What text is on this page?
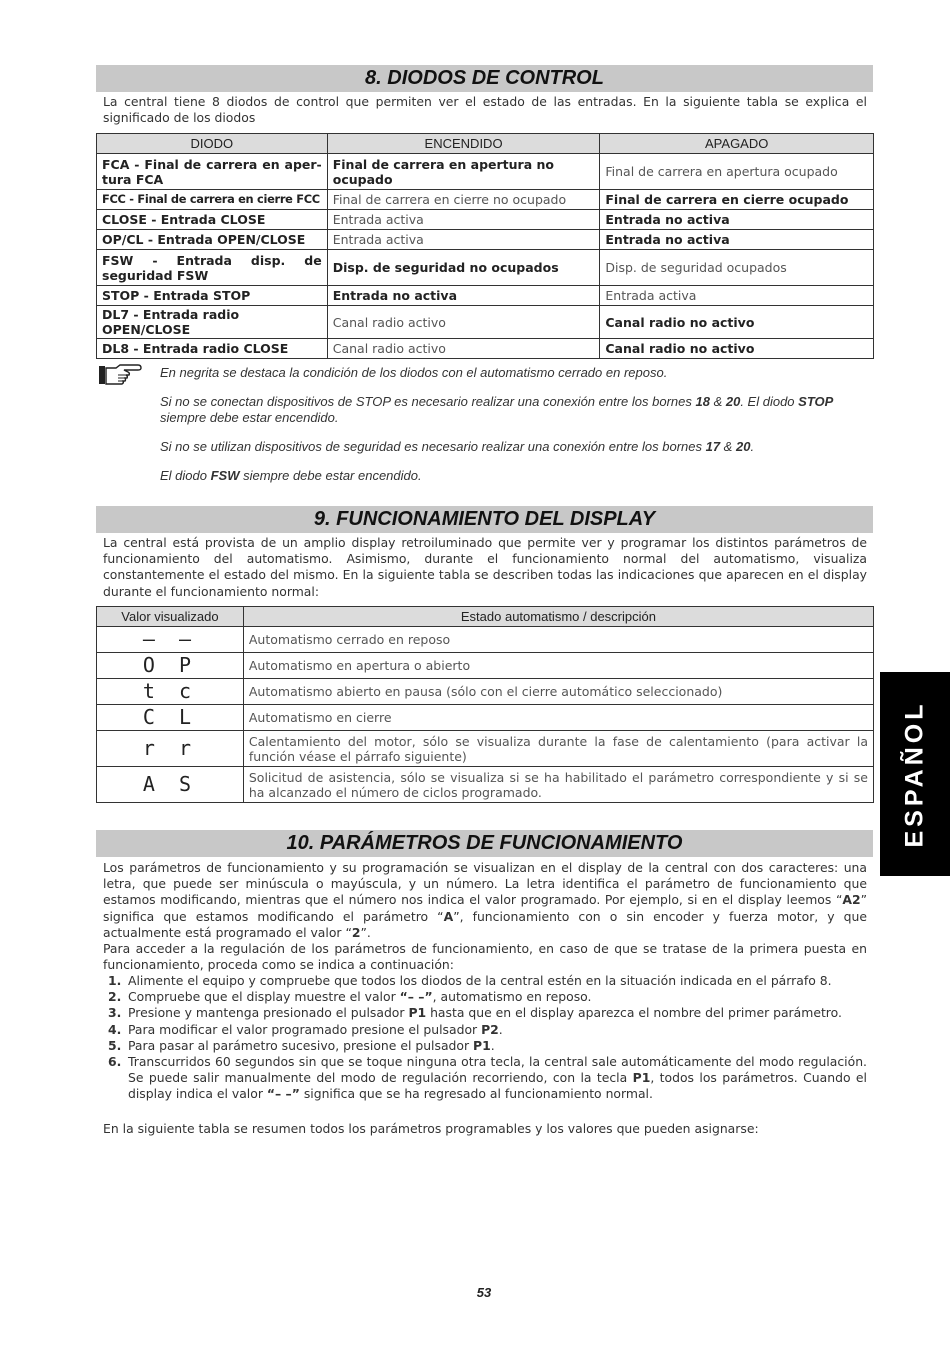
8. DIODOS DE CONTROL
La central tiene 8 diodos de control que permiten ver el estado de las entradas. En la siguiente tabla se explica el significado de los diodos
DIODO	ENCENDIDO	APAGADO
FCA - Final de carrera en aper-tura FCA	Final de carrera en apertura no ocupado	Final de carrera en apertura ocupado
FCC - Final de carrera en cierre FCC	Final de carrera en cierre no ocupado	Final de carrera en cierre ocupado
CLOSE - Entrada CLOSE	Entrada activa	Entrada no activa
OP/CL - Entrada OPEN/CLOSE	Entrada activa	Entrada no activa
FSW - Entrada disp. de seguridad FSW	Disp. de seguridad no ocupados	Disp. de seguridad ocupados
STOP - Entrada STOP	Entrada no activa	Entrada activa
DL7 - Entrada radio OPEN/CLOSE	Canal radio activo	Canal radio no activo
DL8 - Entrada radio CLOSE	Canal radio activo	Canal radio no activo

En negrita se destaca la condición de los diodos con el automatismo cerrado en reposo.

Si no se conectan dispositivos de STOP es necesario realizar una conexión entre los bornes 18 & 20. El diodo STOP siempre debe estar encendido.

Si no se utilizan dispositivos de seguridad es necesario realizar una conexión entre los bornes 17 & 20.

El diodo FSW siempre debe estar encendido.

9. FUNCIONAMIENTO DEL DISPLAY
La central está provista de un amplio display retroiluminado que permite ver y programar los distintos parámetros de funcionamiento del automatismo. Asimismo, durante el funcionamiento normal del automatismo, visualiza constantemente el estado del mismo. En la siguiente tabla se describen todas las indicaciones que aparecen en el display durante el funcionamiento normal:
Valor visualizado	Estado automatismo / descripción
– –	Automatismo cerrado en reposo
O P	Automatismo en apertura o abierto
t c	Automatismo abierto en pausa (sólo con el cierre automático seleccionado)
C L	Automatismo en cierre
r r	Calentamiento del motor, sólo se visualiza durante la fase de calentamiento (para activar la función véase el párrafo siguiente)
A S	Solicitud de asistencia, sólo se visualiza si se ha habilitado el parámetro correspondiente y si se ha alcanzado el número de ciclos programado.
10. PARÁMETROS DE FUNCIONAMIENTO
Los parámetros de funcionamiento y su programación se visualizan en el display de la central con dos caracteres: una letra, que puede ser minúscula o mayúscula, y un número. La letra identifica el parámetro de funcionamiento que estamos modificando, mientras que el número nos indica el valor programado. Por ejemplo, si en el display leemos “A2” significa que estamos modificando el parámetro “A”, funcionamiento con o sin encoder y fuerza motor, y que actualmente está programado el valor “2”.
Para acceder a la regulación de los parámetros de funcionamiento, en caso de que se tratase de la primera puesta en funcionamiento, proceda como se indica a continuación:
1. Alimente el equipo y compruebe que todos los diodos de la central estén en la situación indicada en el párrafo 8.
2. Compruebe que el display muestre el valor “– –”, automatismo en reposo.
3. Presione y mantenga presionado el pulsador P1 hasta que en el display aparezca el nombre del primer parámetro.
4. Para modificar el valor programado presione el pulsador P2.
5. Para pasar al parámetro sucesivo, presione el pulsador P1.
6. Transcurridos 60 segundos sin que se toque ninguna otra tecla, la central sale automáticamente del modo regulación. Se puede salir manualmente del modo de regulación recorriendo, con la tecla P1, todos los parámetros. Cuando el display indica el valor “– –” significa que se ha regresado al funcionamiento normal.
En la siguiente tabla se resumen todos los parámetros programables y los valores que pueden asignarse:
ESPAÑOL
53
